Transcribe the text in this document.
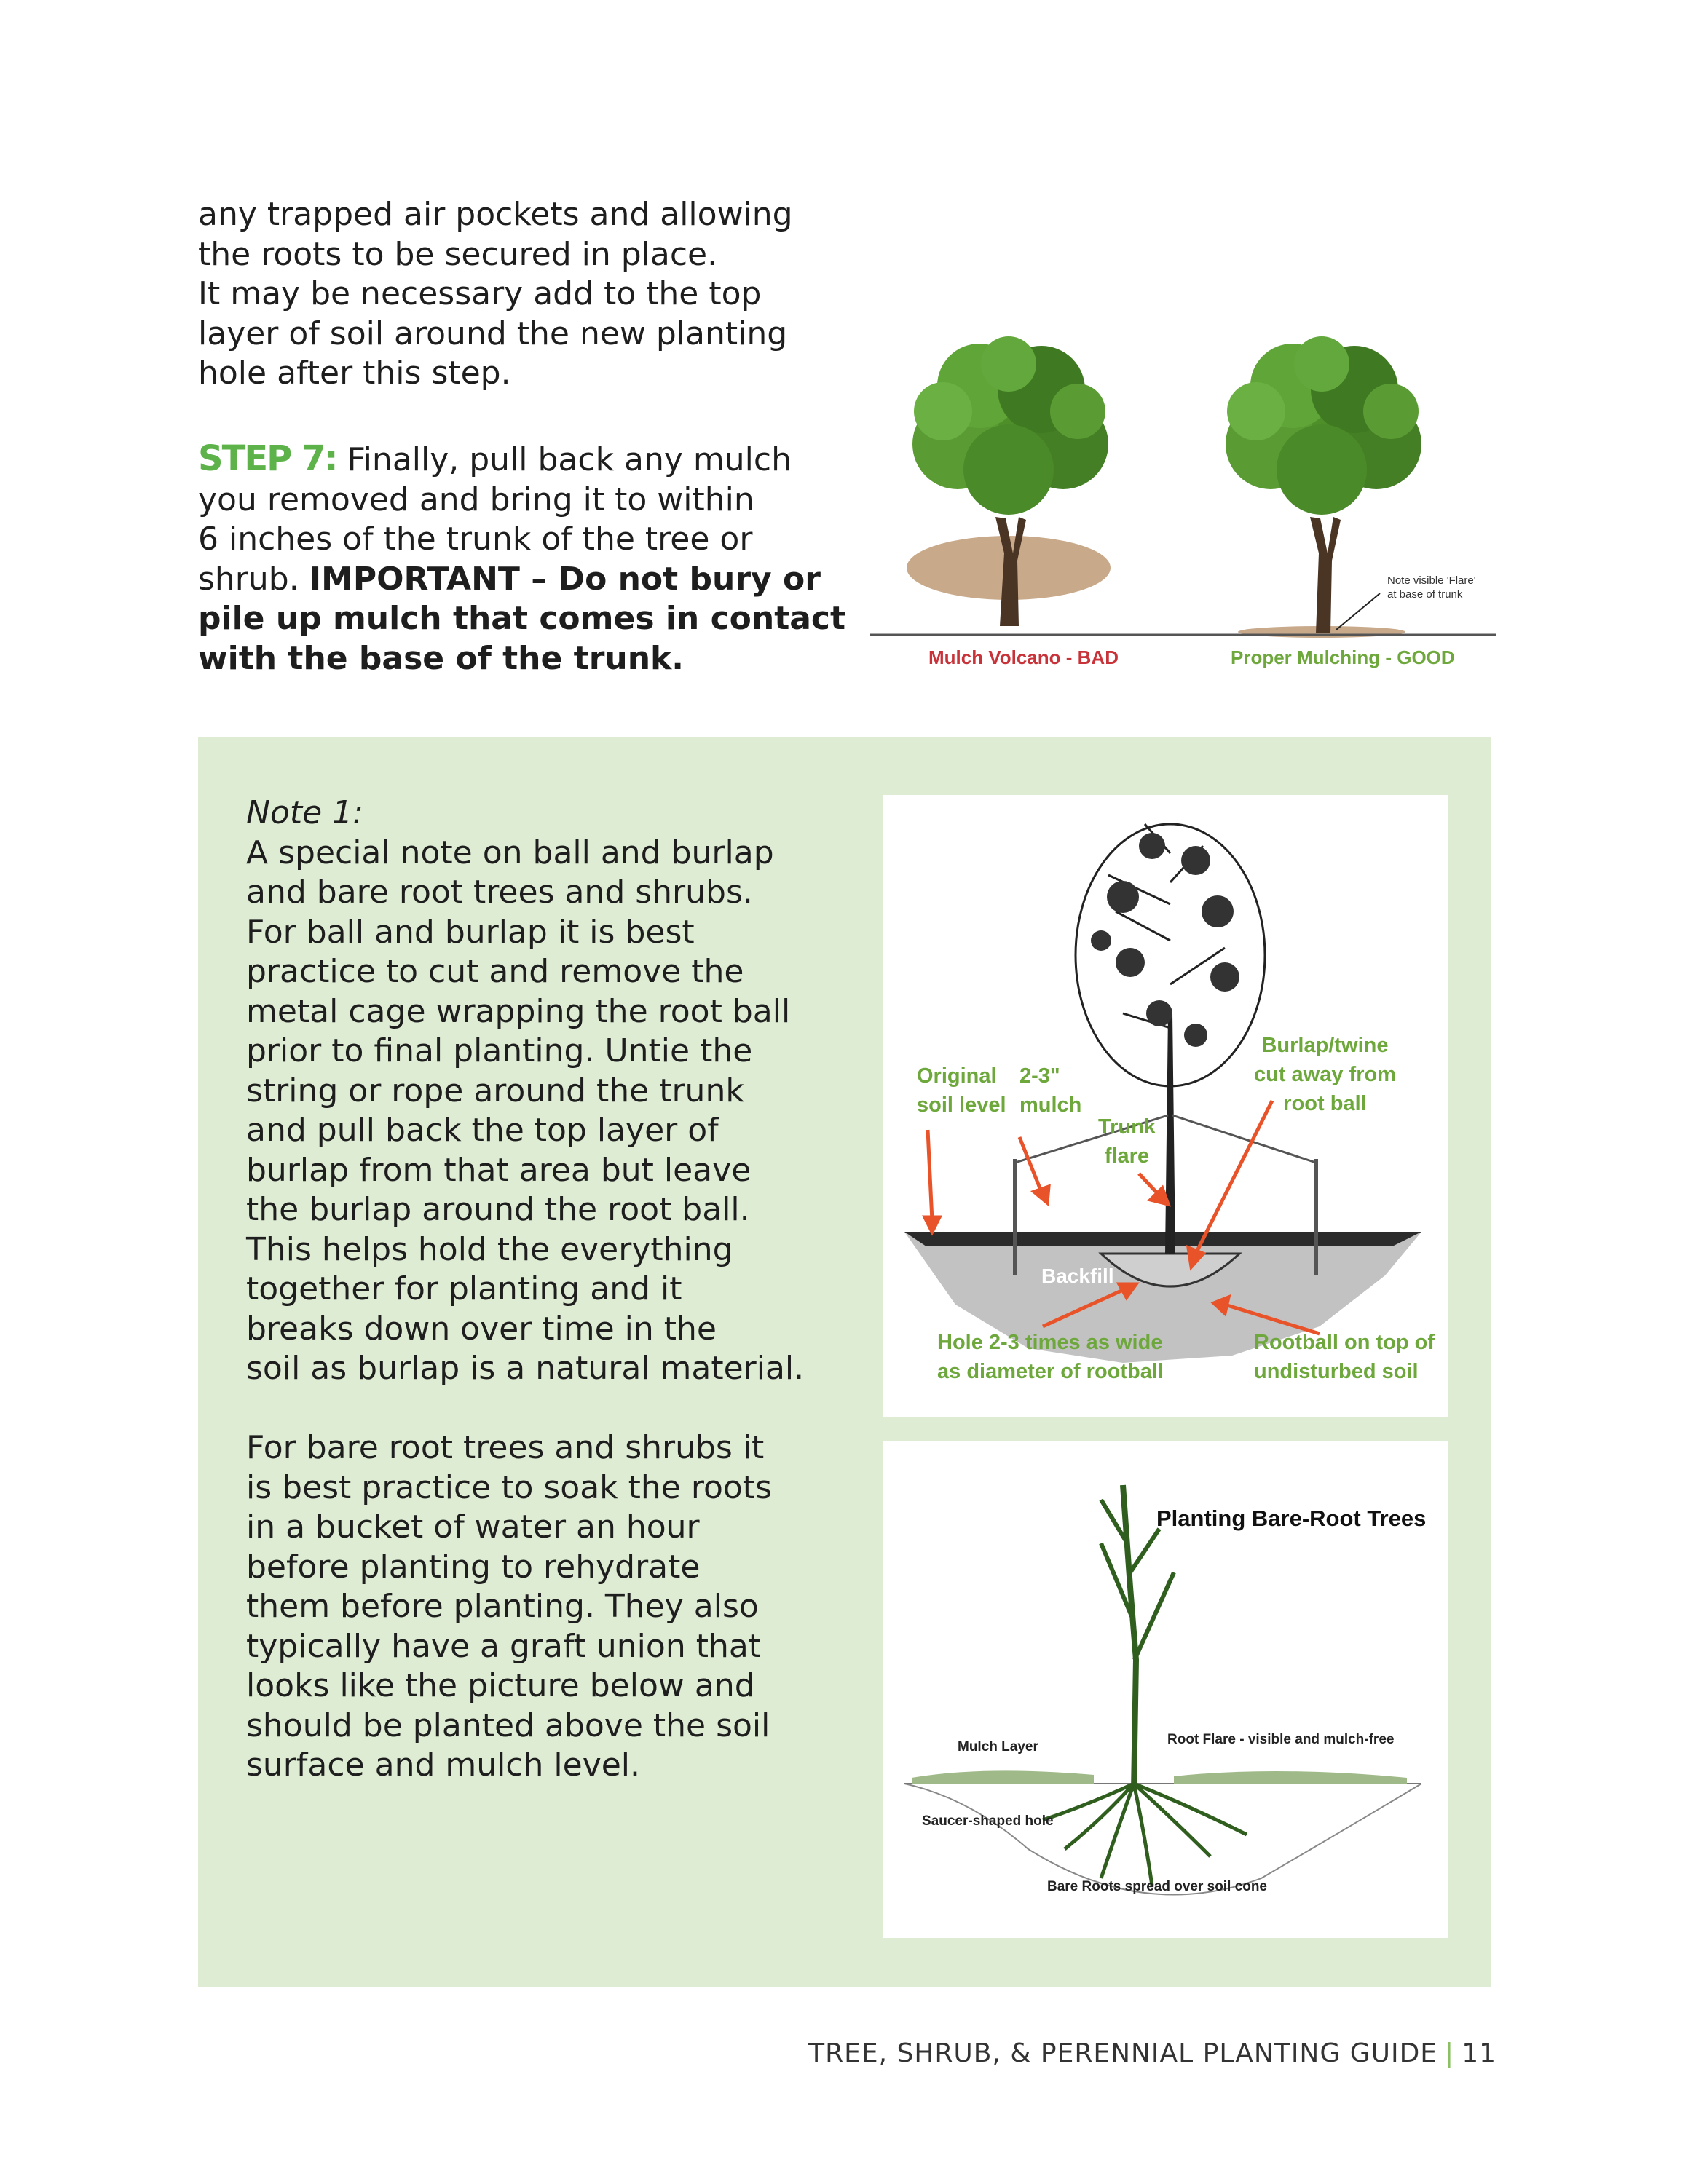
any trapped air pockets and allowing
the roots to be secured in place.
It may be necessary add to the top
layer of soil around the new planting
hole after this step.
STEP 7: Finally, pull back any mulch
you removed and bring it to within
6 inches of the trunk of the tree or
shrub. IMPORTANT – Do not bury or
pile up mulch that comes in contact
with the base of the trunk.
Note visible 'Flare'
at base of trunk
Mulch Volcano - BAD	Proper Mulching - GOOD
Note 1:
A special note on ball and burlap
and bare root trees and shrubs.
For ball and burlap it is best
practice to cut and remove the
metal cage wrapping the root ball
prior to final planting. Untie the
string or rope around the trunk
and pull back the top layer of
burlap from that area but leave
the burlap around the root ball.
This helps hold the everything
together for planting and it
breaks down over time in the
soil as burlap is a natural material.

For bare root trees and shrubs it
is best practice to soak the roots
in a bucket of water an hour
before planting to rehydrate
them before planting. They also
typically have a graft union that
looks like the picture below and
should be planted above the soil
surface and mulch level.
Original
soil level
2-3"
mulch
Trunk
flare
Burlap/twine
cut away from
root ball
Backfill
Hole 2-3 times as wide
as diameter of rootball
Rootball on top of
undisturbed soil
Planting Bare-Root Trees
Mulch Layer	Root Flare - visible and mulch-free
Saucer-shaped hole
Bare Roots spread over soil cone
TREE, SHRUB, & PERENNIAL PLANTING GUIDE | 11
